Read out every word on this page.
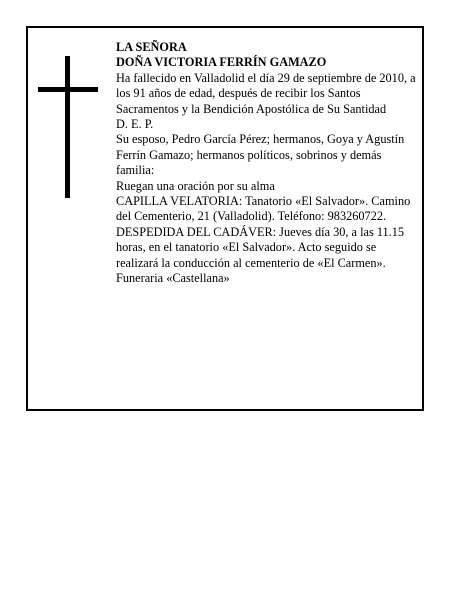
LA SEÑORA

DOÑA VICTORIA FERRÍN GAMAZO

Ha fallecido en Valladolid el día 29 de septiembre de 2010, a los 91 años de edad, después de recibir los Santos Sacramentos y la Bendición Apostólica de Su Santidad

D. E. P.

Su esposo, Pedro García Pérez; hermanos, Goya y Agustín Ferrín Gamazo; hermanos políticos, sobrinos y demás familia:

Ruegan una oración por su alma

CAPILLA VELATORIA: Tanatorio «El Salvador». Camino del Cementerio, 21 (Valladolid). Teléfono: 983260722.

DESPEDIDA DEL CADÁVER: Jueves día 30, a las 11.15 horas, en el tanatorio «El Salvador». Acto seguido se realizará la conducción al cementerio de «El Carmen».

Funeraria «Castellana»
